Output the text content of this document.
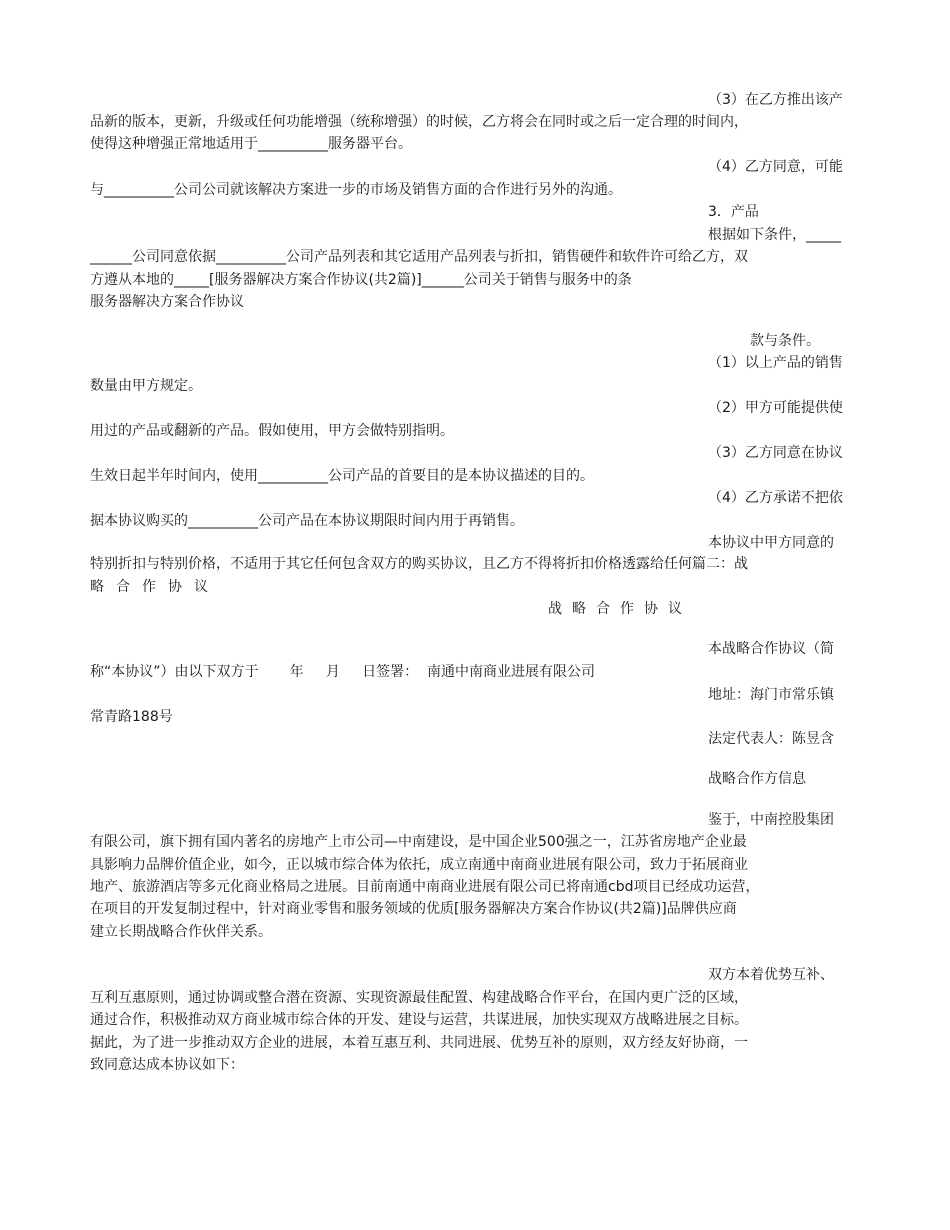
（3）在乙方推出该产
品新的版本，更新，升级或任何功能增强（统称增强）的时候，乙方将会在同时或之后一定合理的时间内，
使得这种增强正常地适用于__________服务器平台。
（4）乙方同意，可能
与__________公司公司就该解决方案进一步的市场及销售方面的合作进行另外的沟通。
3．产品
根据如下条件，_____
______公司同意依据__________公司产品列表和其它适用产品列表与折扣，销售硬件和软件许可给乙方，双
方遵从本地的_____[服务器解决方案合作协议(共2篇)]______公司关于销售与服务中的条
服务器解决方案合作协议
款与条件。
（1）以上产品的销售
数量由甲方规定。
（2）甲方可能提供使
用过的产品或翻新的产品。假如使用，甲方会做特别指明。
（3）乙方同意在协议
生效日起半年时间内，使用__________公司产品的首要目的是本协议描述的目的。
（4）乙方承诺不把依
据本协议购买的__________公司产品在本协议期限时间内用于再销售。
本协议中甲方同意的
特别折扣与特别价格，不适用于其它任何包含双方的购买协议，且乙方不得将折扣价格透露给任何篇二：战
略合作协议
战略合作协议
本战略合作协议（简
称“本协议”）由以下双方于       年     月     日签署：  南通中南商业进展有限公司
地址：海门市常乐镇
常青路188号
法定代表人：陈昱含
战略合作方信息
鉴于，中南控股集团
有限公司，旗下拥有国内著名的房地产上市公司—中南建设，是中国企业500强之一，江苏省房地产企业最
具影响力品牌价值企业，如今，正以城市综合体为依托，成立南通中南商业进展有限公司，致力于拓展商业
地产、旅游酒店等多元化商业格局之进展。目前南通中南商业进展有限公司已将南通cbd项目已经成功运营，
在项目的开发复制过程中，针对商业零售和服务领域的优质[服务器解决方案合作协议(共2篇)]品牌供应商
建立长期战略合作伙伴关系。
双方本着优势互补、
互利互惠原则，通过协调或整合潜在资源、实现资源最佳配置、构建战略合作平台，在国内更广泛的区域，
通过合作，积极推动双方商业城市综合体的开发、建设与运营，共谋进展，加快实现双方战略进展之目标。
据此，为了进一步推动双方企业的进展，本着互惠互利、共同进展、优势互补的原则，双方经友好协商，一
致同意达成本协议如下：
